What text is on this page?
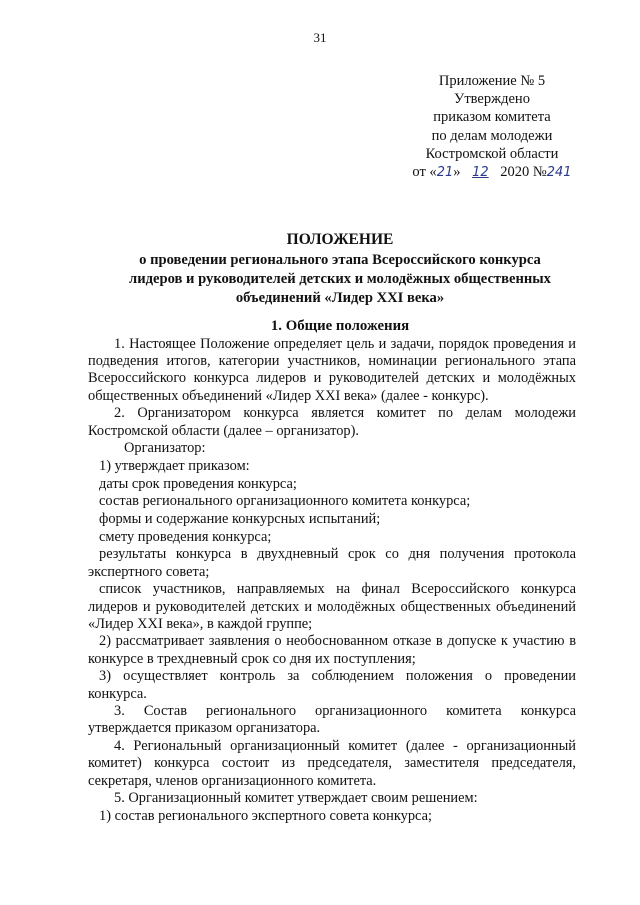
31
Приложение № 5
Утверждено
приказом комитета
по делам молодежи
Костромской области
от «21» 12 2020 №241
ПОЛОЖЕНИЕ
о проведении регионального этапа Всероссийского конкурса
лидеров и руководителей детских и молодёжных общественных
объединений «Лидер XXI века»
1. Общие положения

1. Настоящее Положение определяет цель и задачи, порядок проведения и подведения итогов, категории участников, номинации регионального этапа Всероссийского конкурса лидеров и руководителей детских и молодёжных общественных объединений «Лидер XXI века» (далее - конкурс).

2. Организатором конкурса является комитет по делам молодежи Костромской области (далее – организатор).

Организатор:

1) утверждает приказом:

даты срок проведения конкурса;

состав регионального организационного комитета конкурса;

формы и содержание конкурсных испытаний;

смету проведения конкурса;

результаты конкурса в двухдневный срок со дня получения протокола экспертного совета;

список участников, направляемых на финал Всероссийского конкурса лидеров и руководителей детских и молодёжных общественных объединений «Лидер XXI века», в каждой группе;

2) рассматривает заявления о необоснованном отказе в допуске к участию в конкурсе в трехдневный срок со дня их поступления;

3) осуществляет контроль за соблюдением положения о проведении конкурса.

3. Состав регионального организационного комитета конкурса утверждается приказом организатора.

4. Региональный организационный комитет (далее - организационный комитет) конкурса состоит из председателя, заместителя председателя, секретаря, членов организационного комитета.

5. Организационный комитет утверждает своим решением:

1) состав регионального экспертного совета конкурса;
